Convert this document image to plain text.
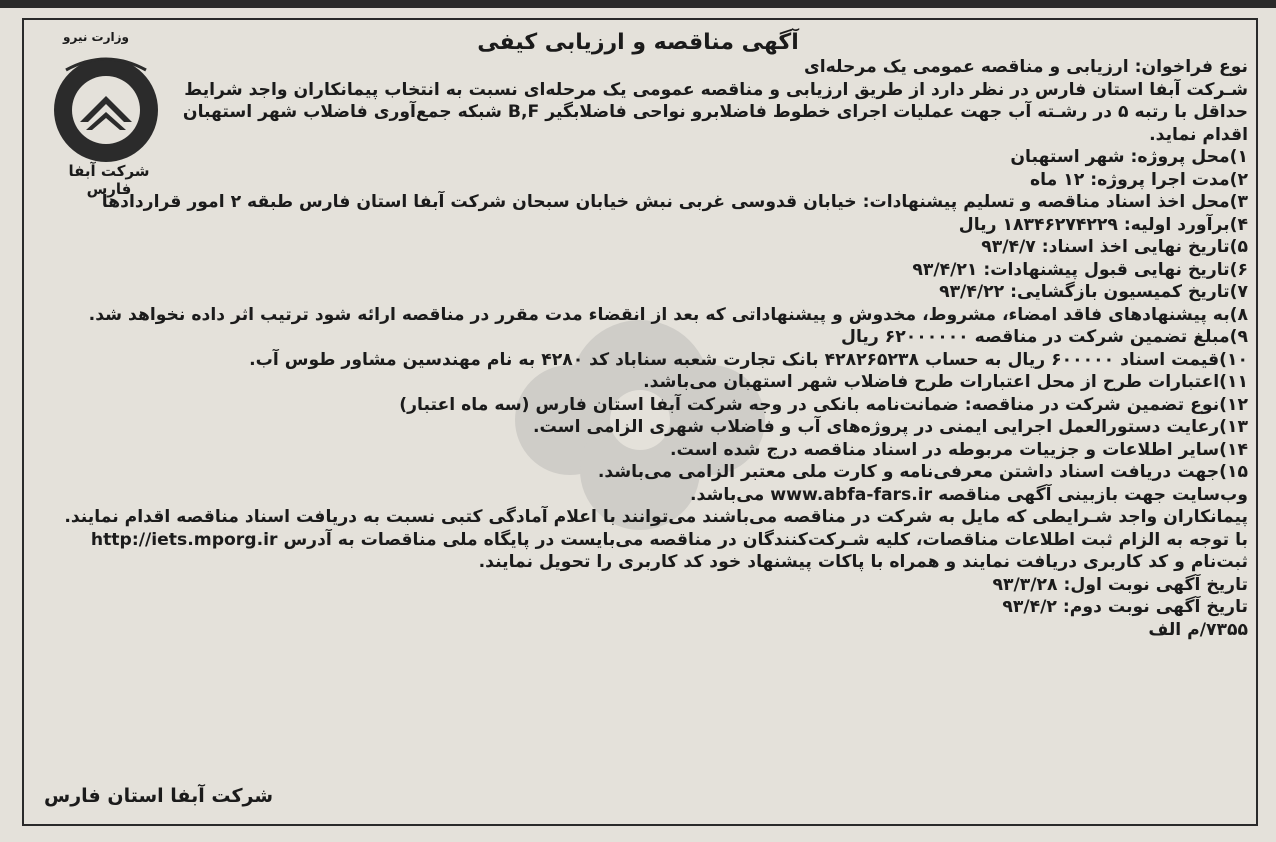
وزارت نیرو
شرکت آبفا فارس
آگهی مناقصه و ارزیابی کیفی
نوع فراخوان: ارزیابی و مناقصه عمومی یک مرحله‌ای
شـرکت آبفا استان فارس در نظر دارد از طریق ارزیابی و مناقصه عمومی یک مرحله‌ای نسبت به انتخاب پیمانکاران واجد شرایط
حداقل با رتبه ۵ در رشـته آب جهت عملیات اجرای خطوط فاضلابرو نواحی فاضلابگیر B,F شبکه جمع‌آوری فاضلاب شهر استهبان
اقدام نماید.
۱)محل پروژه: شهر استهبان
۲)مدت اجرا پروژه: ۱۲ ماه
۳)محل اخذ اسناد مناقصه و تسلیم پیشنهادات: خیابان قدوسی غربی نبش خیابان سبحان شرکت آبفا استان فارس طبقه ۲ امور قراردادها
۴)برآورد اولیه: ۱۸۳۴۶۲۷۴۲۲۹ ریال
۵)تاریخ نهایی اخذ اسناد: ۹۳/۴/۷
۶)تاریخ نهایی قبول پیشنهادات: ۹۳/۴/۲۱
۷)تاریخ کمیسیون بازگشایی: ۹۳/۴/۲۲
۸)به پیشنهادهای فاقد امضاء، مشروط، مخدوش و پیشنهاداتی که بعد از انقضاء مدت مقرر در مناقصه ارائه شود ترتیب اثر داده نخواهد شد.
۹)مبلغ تضمین شرکت در مناقصه ۶۲۰۰۰۰۰۰ ریال
۱۰)قیمت اسناد ۶۰۰۰۰۰ ریال به حساب ۴۲۸۲۶۵۲۳۸ بانک تجارت شعبه سناباد کد ۴۲۸۰ به نام مهندسین مشاور طوس آب.
۱۱)اعتبارات طرح از محل اعتبارات طرح فاضلاب شهر استهبان می‌باشد.
۱۲)نوع تضمین شرکت در مناقصه: ضمانت‌نامه بانکی در وجه شرکت آبفا استان فارس (سه ماه اعتبار)
۱۳)رعایت دستورالعمل اجرایی ایمنی در پروژه‌های آب و فاضلاب شهری الزامی است.
۱۴)سایر اطلاعات و جزییات مربوطه در اسناد مناقصه درج شده است.
۱۵)جهت دریافت اسناد داشتن معرفی‌نامه و کارت ملی معتبر الزامی می‌باشد.
وب‌سایت جهت بازبینی آگهی مناقصه www.abfa-fars.ir می‌باشد.
پیمانکاران واجد شـرایطی که مایل به شرکت در مناقصه می‌باشند می‌توانند با اعلام آمادگی کتبی نسبت به دریافت اسناد مناقصه اقدام نمایند.
با توجه به الزام ثبت اطلاعات مناقصات، کلیه شـرکت‌کنندگان در مناقصه می‌بایست در پایگاه ملی مناقصات به آدرس http://iets.mporg.ir
ثبت‌نام و کد کاربری دریافت نمایند و همراه با پاکات پیشنهاد خود کد کاربری را تحویل نمایند.
تاریخ آگهی نوبت اول: ۹۳/۳/۲۸
تاریخ آگهی نوبت دوم: ۹۳/۴/۲
۷۳۵۵/م الف
شرکت آبفا استان فارس
